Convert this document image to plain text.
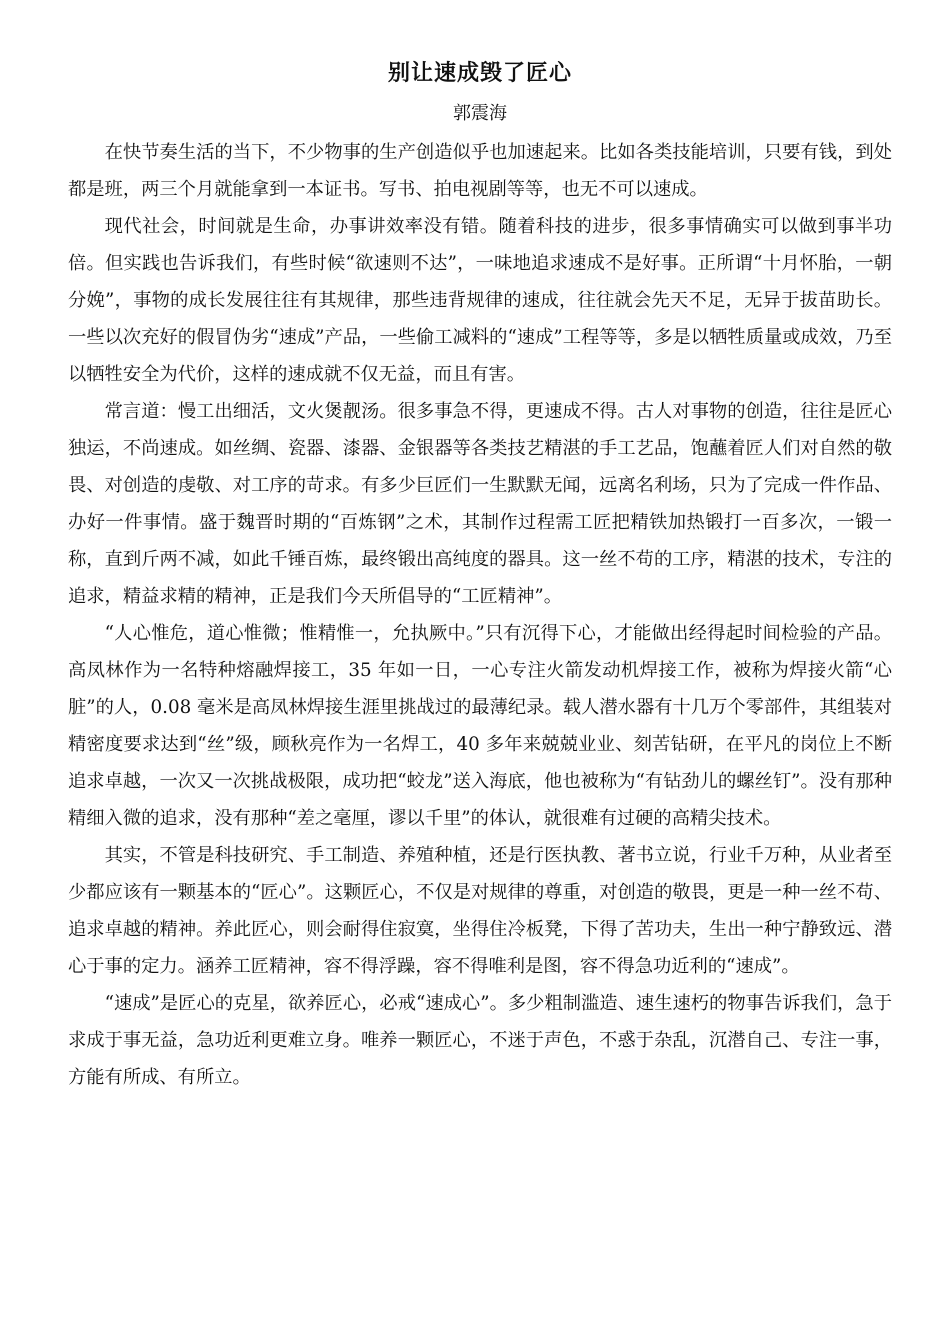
别让速成毁了匠心
郭震海

在快节奏生活的当下，不少物事的生产创造似乎也加速起来。比如各类技能培训，只要有钱，到处都是班，两三个月就能拿到一本证书。写书、拍电视剧等等，也无不可以速成。

现代社会，时间就是生命，办事讲效率没有错。随着科技的进步，很多事情确实可以做到事半功倍。但实践也告诉我们，有些时候“欲速则不达”，一味地追求速成不是好事。正所谓“十月怀胎，一朝分娩”，事物的成长发展往往有其规律，那些违背规律的速成，往往就会先天不足，无异于拔苗助长。一些以次充好的假冒伪劣“速成”产品，一些偷工减料的“速成”工程等等，多是以牺牲质量或成效，乃至以牺牲安全为代价，这样的速成就不仅无益，而且有害。

常言道：慢工出细活，文火煲靓汤。很多事急不得，更速成不得。古人对事物的创造，往往是匠心独运，不尚速成。如丝绸、瓷器、漆器、金银器等各类技艺精湛的手工艺品，饱蘸着匠人们对自然的敬畏、对创造的虔敬、对工序的苛求。有多少巨匠们一生默默无闻，远离名利场，只为了完成一件作品、办好一件事情。盛于魏晋时期的“百炼钢”之术，其制作过程需工匠把精铁加热锻打一百多次，一锻一称，直到斤两不减，如此千锤百炼，最终锻出高纯度的器具。这一丝不苟的工序，精湛的技术，专注的追求，精益求精的精神，正是我们今天所倡导的“工匠精神”。

“人心惟危，道心惟微；惟精惟一，允执厥中。”只有沉得下心，才能做出经得起时间检验的产品。高凤林作为一名特种熔融焊接工，35 年如一日，一心专注火箭发动机焊接工作，被称为焊接火箭“心脏”的人，0.08 毫米是高凤林焊接生涯里挑战过的最薄纪录。载人潜水器有十几万个零部件，其组装对精密度要求达到“丝”级，顾秋亮作为一名焊工，40 多年来兢兢业业、刻苦钻研，在平凡的岗位上不断追求卓越，一次又一次挑战极限，成功把“蛟龙”送入海底，他也被称为“有钻劲儿的螺丝钉”。没有那种精细入微的追求，没有那种“差之毫厘，谬以千里”的体认，就很难有过硬的高精尖技术。

其实，不管是科技研究、手工制造、养殖种植，还是行医执教、著书立说，行业千万种，从业者至少都应该有一颗基本的“匠心”。这颗匠心，不仅是对规律的尊重，对创造的敬畏，更是一种一丝不苟、追求卓越的精神。养此匠心，则会耐得住寂寞，坐得住冷板凳，下得了苦功夫，生出一种宁静致远、潜心于事的定力。涵养工匠精神，容不得浮躁，容不得唯利是图，容不得急功近利的“速成”。

“速成”是匠心的克星，欲养匠心，必戒“速成心”。多少粗制滥造、速生速朽的物事告诉我们，急于求成于事无益，急功近利更难立身。唯养一颗匠心，不迷于声色，不惑于杂乱，沉潜自己、专注一事，方能有所成、有所立。
